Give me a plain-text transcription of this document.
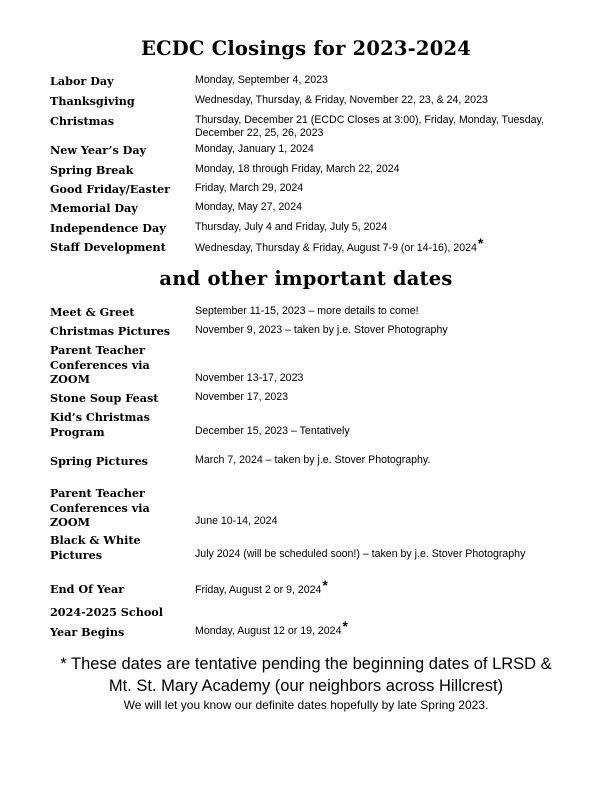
ECDC Closings for 2023-2024
Labor Day	Monday, September 4, 2023
Thanksgiving	Wednesday, Thursday, & Friday, November 22, 23, & 24, 2023
Christmas	Thursday, December 21 (ECDC Closes at 3:00), Friday, Monday, Tuesday, December 22, 25, 26, 2023
New Year’s Day	Monday, January 1, 2024
Spring Break	Monday, 18 through Friday, March 22, 2024
Good Friday/Easter	Friday, March 29, 2024
Memorial Day	Monday, May 27, 2024
Independence Day	Thursday, July 4 and Friday, July 5, 2024
Staff Development	Wednesday, Thursday & Friday, August 7-9 (or 14-16), 2024*
and other important dates
Meet & Greet	September 11-15, 2023 – more details to come!
Christmas Pictures	November 9, 2023 – taken by j.e. Stover Photography
Parent Teacher
Conferences via
ZOOM	November 13-17, 2023
Stone Soup Feast	November 17, 2023
Kid’s Christmas
Program	December 15, 2023 – Tentatively
Spring Pictures	March 7, 2024 – taken by j.e. Stover Photography.
Parent Teacher
Conferences via
ZOOM	June 10-14, 2024
Black & White
Pictures	July 2024 (will be scheduled soon!) – taken by j.e. Stover Photography
End Of Year	Friday, August 2 or 9, 2024*
2024-2025 School
Year Begins	Monday, August 12 or 19, 2024*
* These dates are tentative pending the beginning dates of LRSD &
Mt. St. Mary Academy (our neighbors across Hillcrest)
We will let you know our definite dates hopefully by late Spring 2023.
